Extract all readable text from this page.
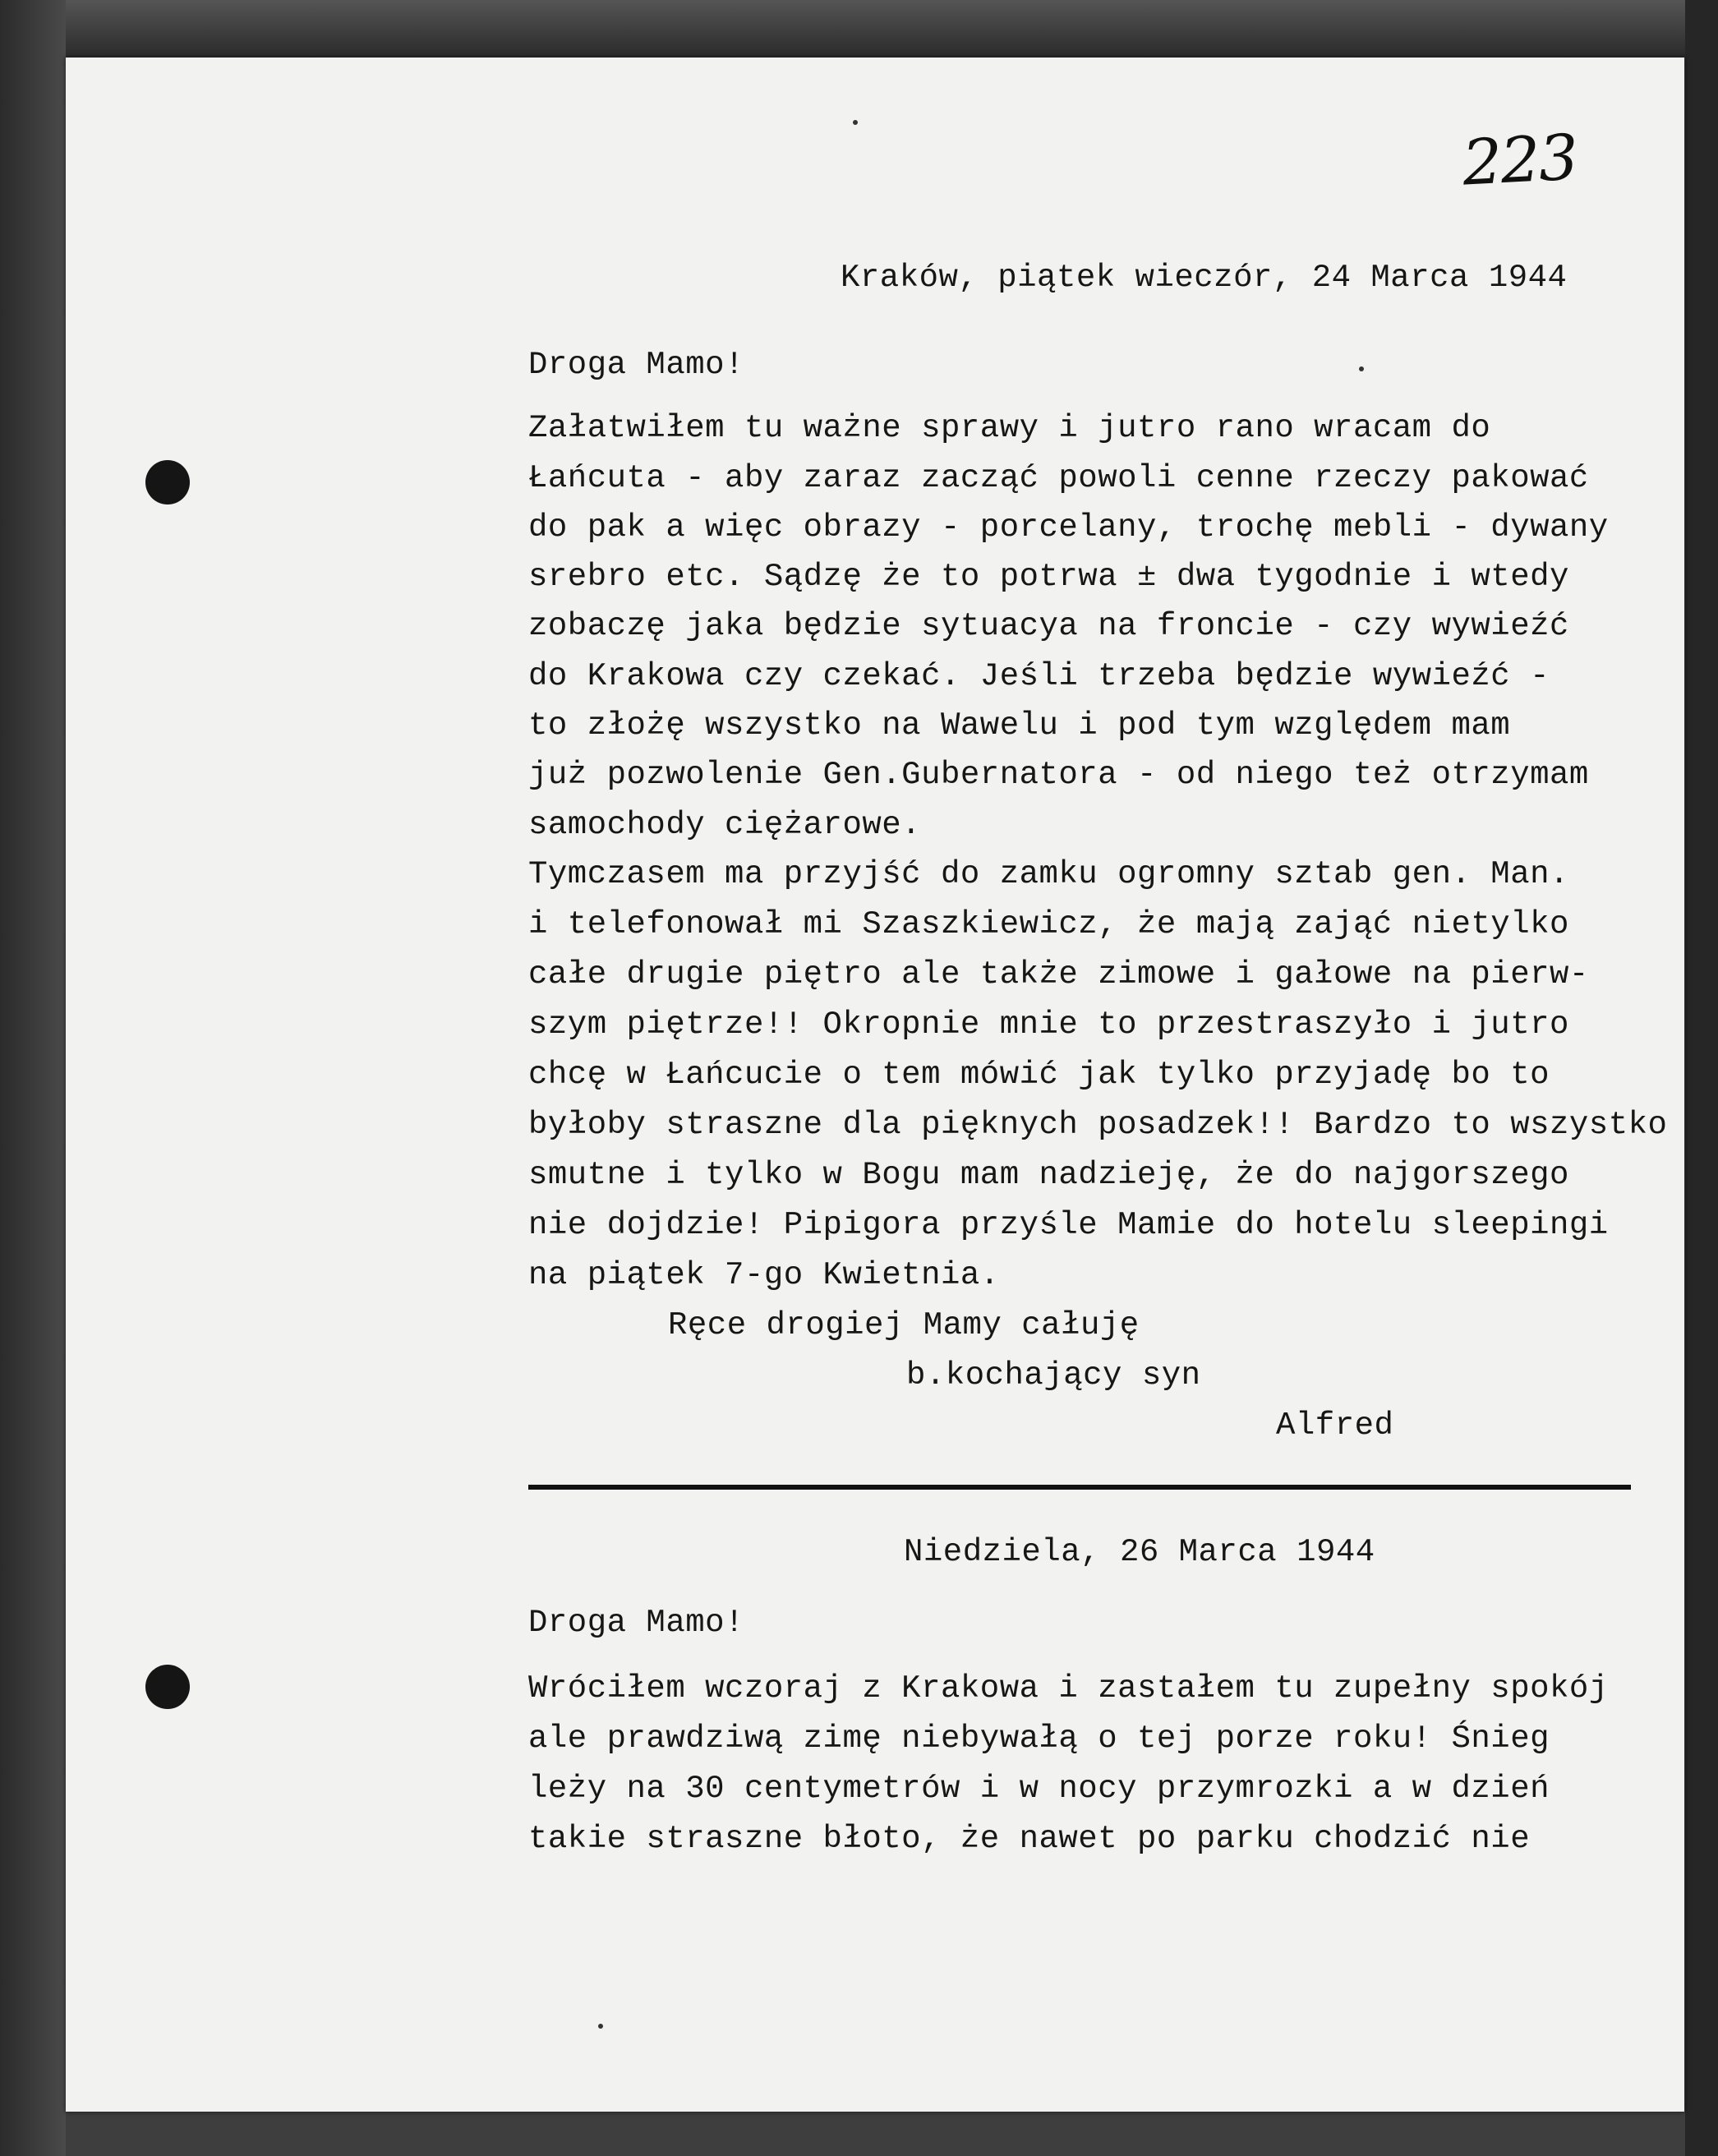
223

Kraków, piątek wieczór, 24 Marca 1944

Droga Mamo!

Załatwiłem tu ważne sprawy i jutro rano wracam do

Łańcuta - aby zaraz zacząć powoli cenne rzeczy pakować

do pak a więc obrazy - porcelany, trochę mebli - dywany

srebro etc. Sądzę że to potrwa ± dwa tygodnie i wtedy

zobaczę jaka będzie sytuacya na froncie - czy wywieźć

do Krakowa czy czekać. Jeśli trzeba będzie wywieźć -

to złożę wszystko na Wawelu i pod tym względem mam

już pozwolenie Gen.Gubernatora - od niego też otrzymam

samochody ciężarowe.

Tymczasem ma przyjść do zamku ogromny sztab gen. Man.

i telefonował mi Szaszkiewicz, że mają zająć nietylko

całe drugie piętro ale także zimowe i gałowe na pierw-

szym piętrze!! Okropnie mnie to przestraszyło i jutro

chcę w Łańcucie o tem mówić jak tylko przyjadę bo to

byłoby straszne dla pięknych posadzek!! Bardzo to wszystko

smutne i tylko w Bogu mam nadzieję, że do najgorszego

nie dojdzie! Pipigora przyśle Mamie do hotelu sleepingi

na piątek 7-go Kwietnia.

Ręce drogiej Mamy całuję

b.kochający syn

Alfred

Niedziela, 26 Marca 1944

Droga Mamo!

Wróciłem wczoraj z Krakowa i zastałem tu zupełny spokój

ale prawdziwą zimę niebywałą o tej porze roku! Śnieg

leży na 30 centymetrów i w nocy przymrozki a w dzień

takie straszne błoto, że nawet po parku chodzić nie
